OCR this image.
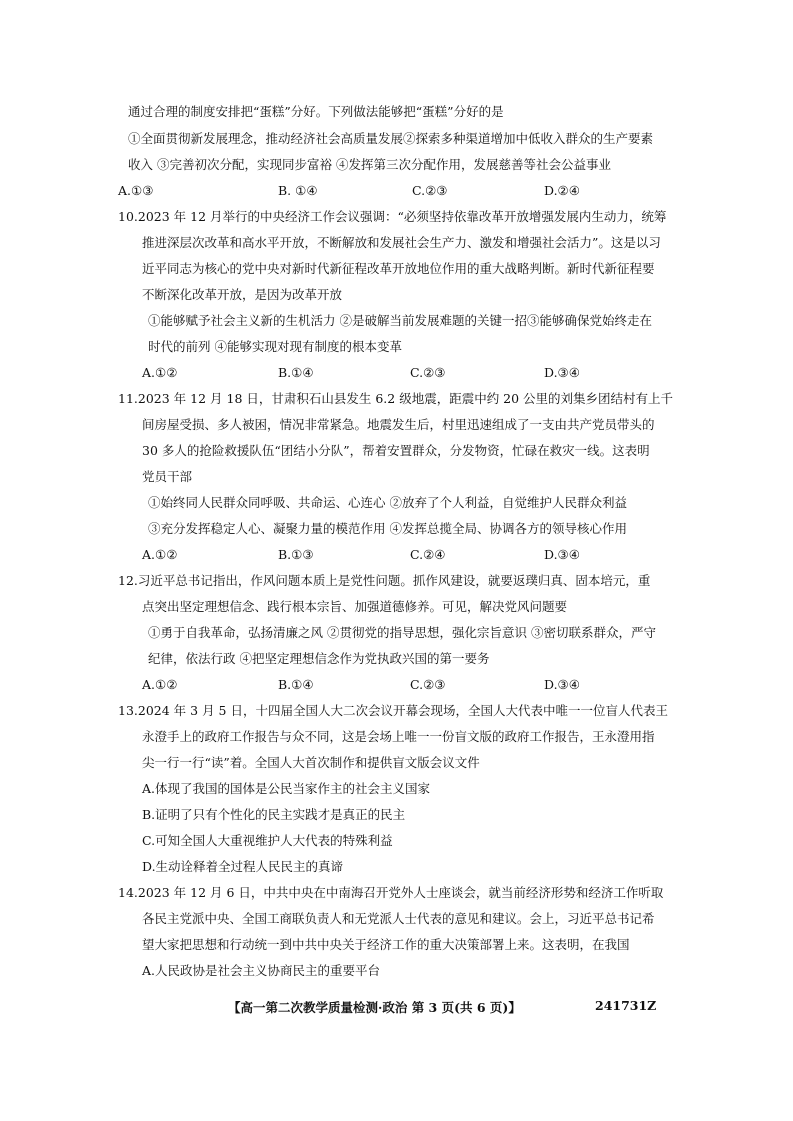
通过合理的制度安排把“蛋糕”分好。下列做法能够把“蛋糕”分好的是
①全面贯彻新发展理念，推动经济社会高质量发展②探索多种渠道增加中低收入群众的生产要素
收入 ③完善初次分配，实现同步富裕 ④发挥第三次分配作用，发展慈善等社会公益事业
A.①③	B. ①④	C.②③	D.②④
10.2023 年 12 月举行的中央经济工作会议强调：“必须坚持依靠改革开放增强发展内生动力，统筹
推进深层次改革和高水平开放，不断解放和发展社会生产力、激发和增强社会活力”。这是以习
近平同志为核心的党中央对新时代新征程改革开放地位作用的重大战略判断。新时代新征程要
不断深化改革开放，是因为改革开放
①能够赋予社会主义新的生机活力 ②是破解当前发展难题的关键一招③能够确保党始终走在
时代的前列 ④能够实现对现有制度的根本变革
A.①②	B.①④	C.②③	D.③④
11.2023 年 12 月 18 日，甘肃积石山县发生 6.2 级地震，距震中约 20 公里的刘集乡团结村有上千
间房屋受损、多人被困，情况非常紧急。地震发生后，村里迅速组成了一支由共产党员带头的
30 多人的抢险救援队伍“团结小分队”，帮着安置群众，分发物资，忙碌在救灾一线。这表明
党员干部
①始终同人民群众同呼吸、共命运、心连心 ②放弃了个人利益，自觉维护人民群众利益
③充分发挥稳定人心、凝聚力量的模范作用 ④发挥总揽全局、协调各方的领导核心作用
A.①②	B.①③	C.②④	D.③④
12.习近平总书记指出，作风问题本质上是党性问题。抓作风建设，就要返璞归真、固本培元，重
点突出坚定理想信念、践行根本宗旨、加强道德修养。可见，解决党风问题要
①勇于自我革命，弘扬清廉之风 ②贯彻党的指导思想，强化宗旨意识 ③密切联系群众，严守
纪律，依法行政 ④把坚定理想信念作为党执政兴国的第一要务
A.①②	B.①④	C.②③	D.③④
13.2024 年 3 月 5 日，十四届全国人大二次会议开幕会现场，全国人大代表中唯一一位盲人代表王
永澄手上的政府工作报告与众不同，这是会场上唯一一份盲文版的政府工作报告，王永澄用指
尖一行一行“读”着。全国人大首次制作和提供盲文版会议文件
A.体现了我国的国体是公民当家作主的社会主义国家
B.证明了只有个性化的民主实践才是真正的民主
C.可知全国人大重视维护人大代表的特殊利益
D.生动诠释着全过程人民民主的真谛
14.2023 年 12 月 6 日，中共中央在中南海召开党外人士座谈会，就当前经济形势和经济工作听取
各民主党派中央、全国工商联负责人和无党派人士代表的意见和建议。会上，习近平总书记希
望大家把思想和行动统一到中共中央关于经济工作的重大决策部署上来。这表明，在我国
A.人民政协是社会主义协商民主的重要平台
【高一第二次教学质量检测·政治 第 3 页(共 6 页)】	241731Z
